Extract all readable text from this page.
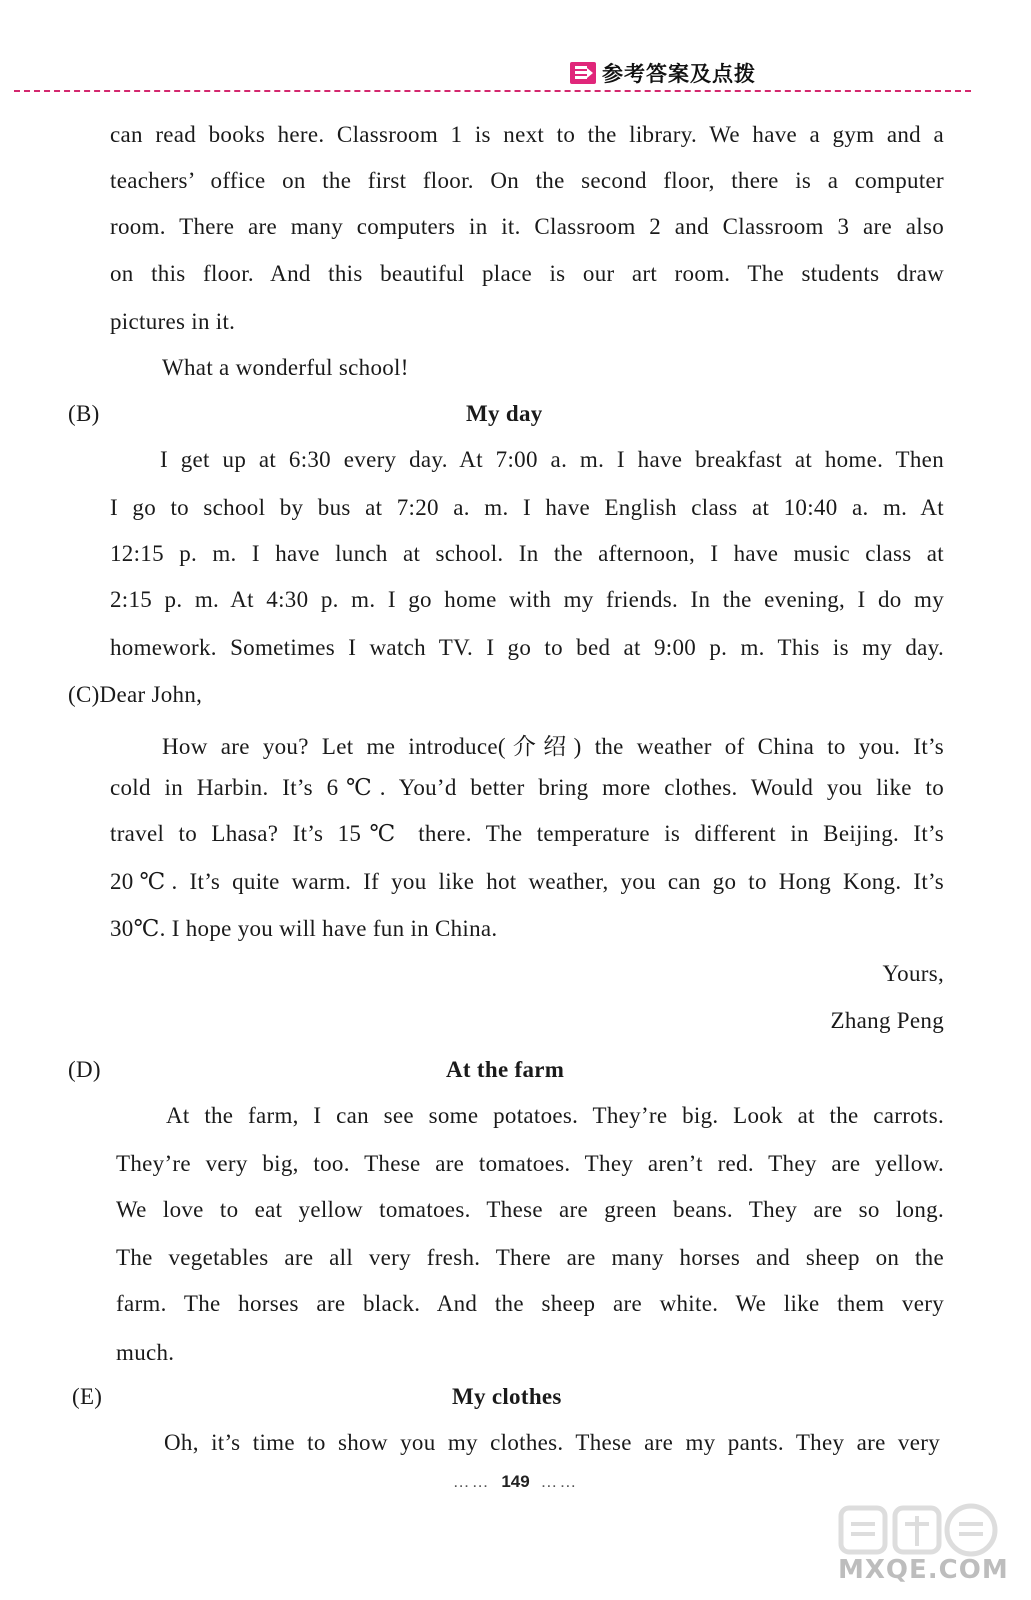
参考答案及点拨
can read books here. Classroom 1 is next to the library. We have a gym and a
teachers’ office on the first floor. On the second floor, there is a computer
room. There are many computers in it. Classroom 2 and Classroom 3 are also
on this floor. And this beautiful place is our art room. The students draw
pictures in it.
What a wonderful school!
(B)	My day
I get up at 6:30 every day. At 7:00 a. m. I have breakfast at home. Then
I go to school by bus at 7:20 a. m. I have English class at 10:40 a. m. At
12:15 p. m. I have lunch at school. In the afternoon, I have music class at
2:15 p. m. At 4:30 p. m. I go home with my friends. In the evening, I do my
homework. Sometimes I watch TV. I go to bed at 9:00 p. m. This is my day.
(C)Dear John,
How are you? Let me introduce(介绍) the weather of China to you. It’s
cold in Harbin. It’s 6℃. You’d better bring more clothes. Would you like to
travel to Lhasa? It’s 15℃ there. The temperature is different in Beijing. It’s
20℃. It’s quite warm. If you like hot weather, you can go to Hong Kong. It’s
30℃. I hope you will have fun in China.
Yours,
Zhang Peng
(D)	At the farm
At the farm, I can see some potatoes. They’re big. Look at the carrots.
They’re very big, too. These are tomatoes. They aren’t red. They are yellow.
We love to eat yellow tomatoes. These are green beans. They are so long.
The vegetables are all very fresh. There are many horses and sheep on the
farm. The horses are black. And the sheep are white. We like them very
much.
(E)	My clothes
Oh, it’s time to show you my clothes. These are my pants. They are very
…… 149 ……
MXQE.COM
